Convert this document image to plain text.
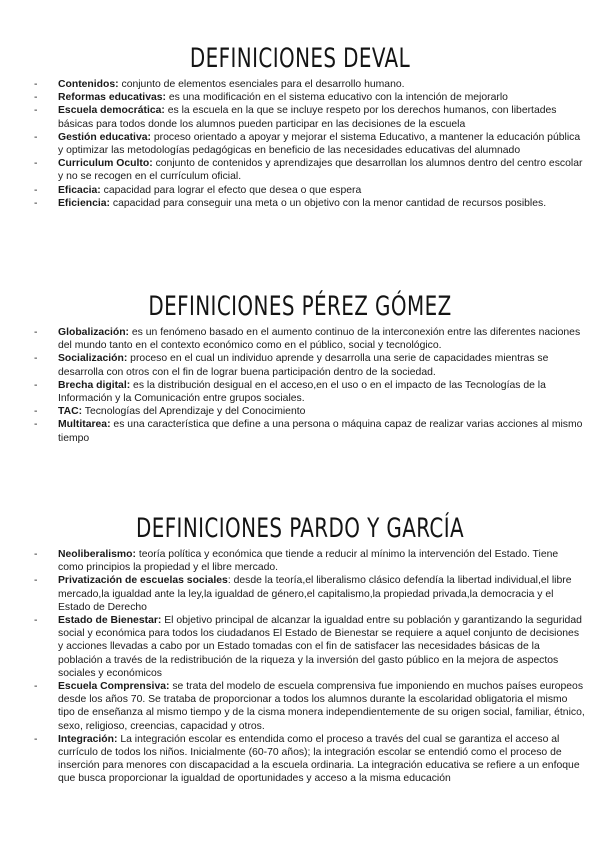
DEFINICIONES DEVAL
- Contenidos: conjunto de elementos esenciales para el desarrollo humano.
- Reformas educativas: es una modificación en el sistema educativo con la intención de mejorarlo
- Escuela democrática: es la escuela en la que se incluye respeto por los derechos humanos, con libertades básicas para todos donde los alumnos pueden participar en las decisiones de la escuela
- Gestión educativa: proceso orientado a apoyar y mejorar el sistema Educativo, a mantener la educación pública y optimizar las metodologías pedagógicas en beneficio de las necesidades educativas del alumnado
- Curriculum Oculto: conjunto de contenidos y aprendizajes que desarrollan los alumnos dentro del centro escolar y no se recogen en el currículum oficial.
- Eficacia: capacidad para lograr el efecto que desea o que espera
- Eficiencia: capacidad para conseguir una meta o un objetivo con la menor cantidad de recursos posibles.
DEFINICIONES PÉREZ GÓMEZ
- Globalización: es un fenómeno basado en el aumento continuo de la interconexión entre las diferentes naciones del mundo tanto en el contexto económico como en el público, social y tecnológico.
- Socialización: proceso en el cual un individuo aprende y desarrolla una serie de capacidades mientras se desarrolla con otros con el fin de lograr buena participación dentro de la sociedad.
- Brecha digital: es la distribución desigual en el acceso,en el uso o en el impacto de las Tecnologías de la Información y la Comunicación entre grupos sociales.
- TAC: Tecnologías del Aprendizaje y del Conocimiento
- Multitarea: es una característica que define a una persona o máquina capaz de realizar varias acciones al mismo tiempo
DEFINICIONES PARDO Y GARCÍA
- Neoliberalismo: teoría política y económica que tiende a reducir al mínimo la intervención del Estado. Tiene como principios la propiedad y el libre mercado.
- Privatización de escuelas sociales: desde la teoría,el liberalismo clásico defendía la libertad individual,el libre mercado,la igualdad ante la ley,la igualdad de género,el capitalismo,la propiedad privada,la democracia y el Estado de Derecho
- Estado de Bienestar: El objetivo principal de alcanzar la igualdad entre su población y garantizando la seguridad social y económica para todos los ciudadanos El Estado de Bienestar se requiere a aquel conjunto de decisiones y acciones llevadas a cabo por un Estado tomadas con el fin de satisfacer las necesidades básicas de la población a través de la redistribución de la riqueza y la inversión del gasto público en la mejora de aspectos sociales y económicos
- Escuela Comprensiva: se trata del modelo de escuela comprensiva fue imponiendo en muchos países europeos desde los años 70. Se trataba de proporcionar a todos los alumnos durante la escolaridad obligatoria el mismo tipo de enseñanza al mismo tiempo y de la cisma monera independientemente de su origen social, familiar, étnico, sexo, religioso, creencias, capacidad y otros.
- Integración: La integración escolar es entendida como el proceso a través del cual se garantiza el acceso al currículo de todos los niños. Inicialmente (60-70 años); la integración escolar se entendió como el proceso de inserción para menores con discapacidad a la escuela ordinaria. La integración educativa se refiere a un enfoque que busca proporcionar la igualdad de oportunidades y acceso a la misma educación
